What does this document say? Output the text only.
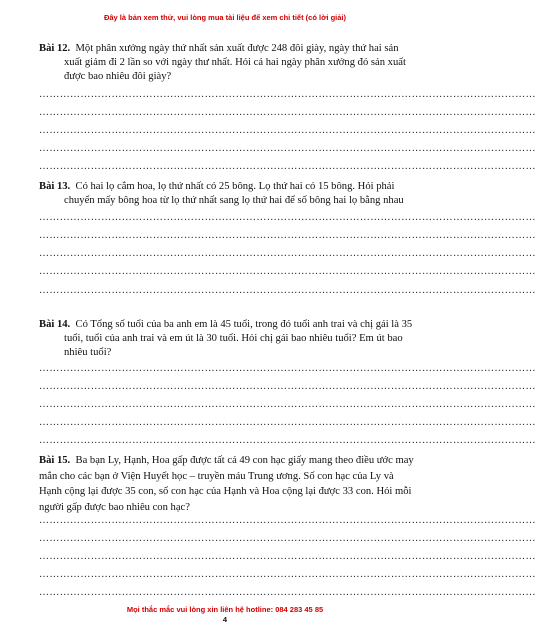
Đây là bản xem thử, vui lòng mua tài liệu để xem chi tiết (có lời giải)

Bài 12. Một phân xưởng ngày thứ nhất sản xuất được 248 đôi giày, ngày thứ hai sản xuất giảm đi 2 lần so với ngày thư nhất. Hỏi cả hai ngày phân xưởng đó sản xuất được bao nhiêu đôi giày?

………………………………………………………………………………………………………………………………
………………………………………………………………………………………………………………………………
………………………………………………………………………………………………………………………………
………………………………………………………………………………………………………………………………
………………………………………………………………………………………………………………………………

Bài 13. Có hai lọ cắm hoa, lọ thứ nhất có 25 bông. Lọ thứ hai có 15 bông. Hỏi phải chuyển mấy bông hoa từ lọ thứ nhất sang lọ thứ hai để số bông hai lọ bằng nhau

………………………………………………………………………………………………………………………………
………………………………………………………………………………………………………………………………
………………………………………………………………………………………………………………………………
………………………………………………………………………………………………………………………………
………………………………………………………………………………………………………………………………

Bài 14. Có Tổng số tuổi của ba anh em là 45 tuổi, trong đó tuổi anh trai và chị gái là 35 tuổi, tuổi của anh trai và em út là 30 tuổi. Hỏi chị gái bao nhiêu tuổi? Em út bao nhiêu tuổi?

………………………………………………………………………………………………………………………………
………………………………………………………………………………………………………………………………
………………………………………………………………………………………………………………………………
………………………………………………………………………………………………………………………………
………………………………………………………………………………………………………………………………

Bài 15. Ba bạn Ly, Hạnh, Hoa gấp được tất cả 49 con hạc giấy mang theo điều ước may mắn cho các bạn ở Viện Huyết học – truyền máu Trung ương. Số con hạc của Ly và Hạnh cộng lại được 35 con, số con hạc của Hạnh và Hoa cộng lại được 33 con. Hỏi mỗi người gấp được bao nhiêu con hạc?

………………………………………………………………………………………………………………………………
………………………………………………………………………………………………………………………………
………………………………………………………………………………………………………………………………
………………………………………………………………………………………………………………………………
………………………………………………………………………………………………………………………………
Mọi thắc mắc vui lòng xin liên hệ hotline: 084 283 45 85
4
